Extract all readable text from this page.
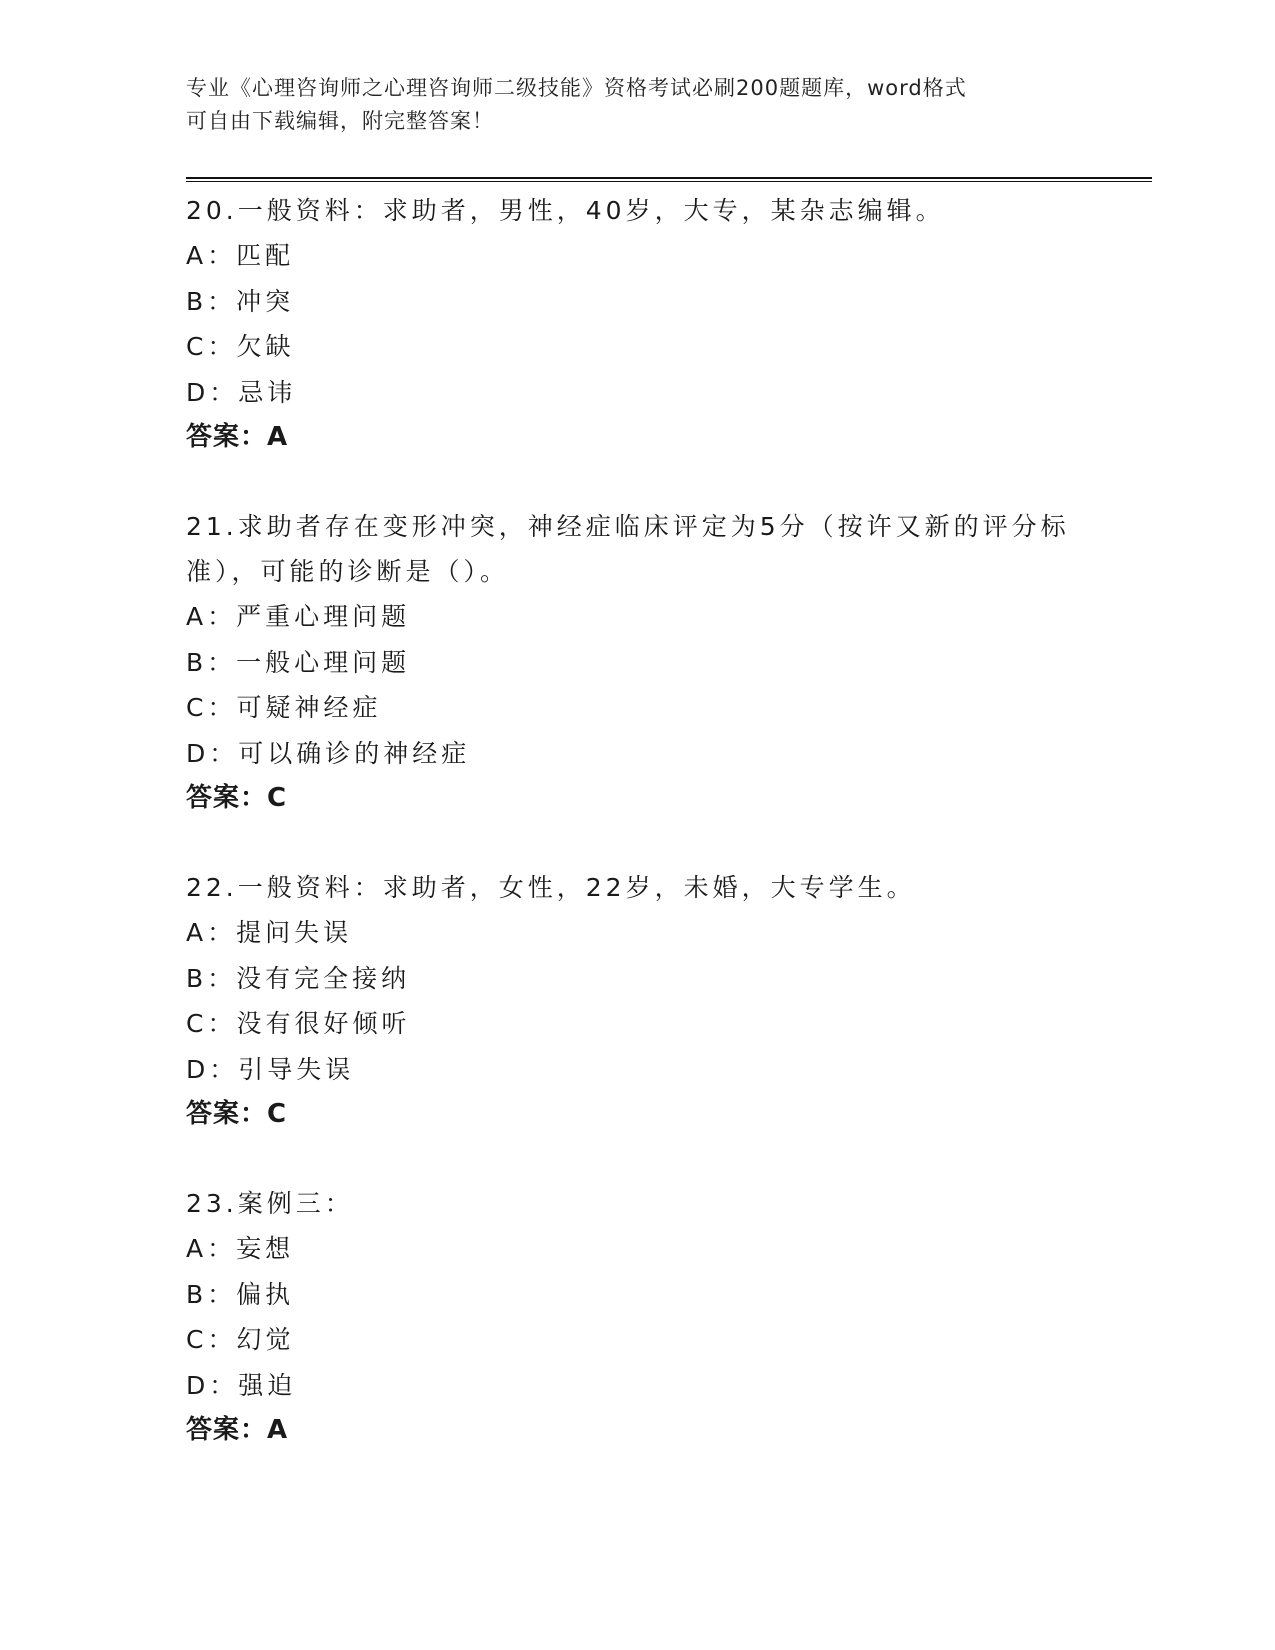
专业《心理咨询师之心理咨询师二级技能》资格考试必刷200题题库，word格式
可自由下载编辑，附完整答案！

20.一般资料：求助者，男性，40岁，大专，某杂志编辑。

A：匹配

B：冲突

C：欠缺

D：忌讳

答案：A

21.求助者存在变形冲突，神经症临床评定为5分（按许又新的评分标准），可能的诊断是（）。

A：严重心理问题

B：一般心理问题

C：可疑神经症

D：可以确诊的神经症

答案：C

22.一般资料：求助者，女性，22岁，未婚，大专学生。

A：提问失误

B：没有完全接纳

C：没有很好倾听

D：引导失误

答案：C

23.案例三：

A：妄想

B：偏执

C：幻觉

D：强迫

答案：A
